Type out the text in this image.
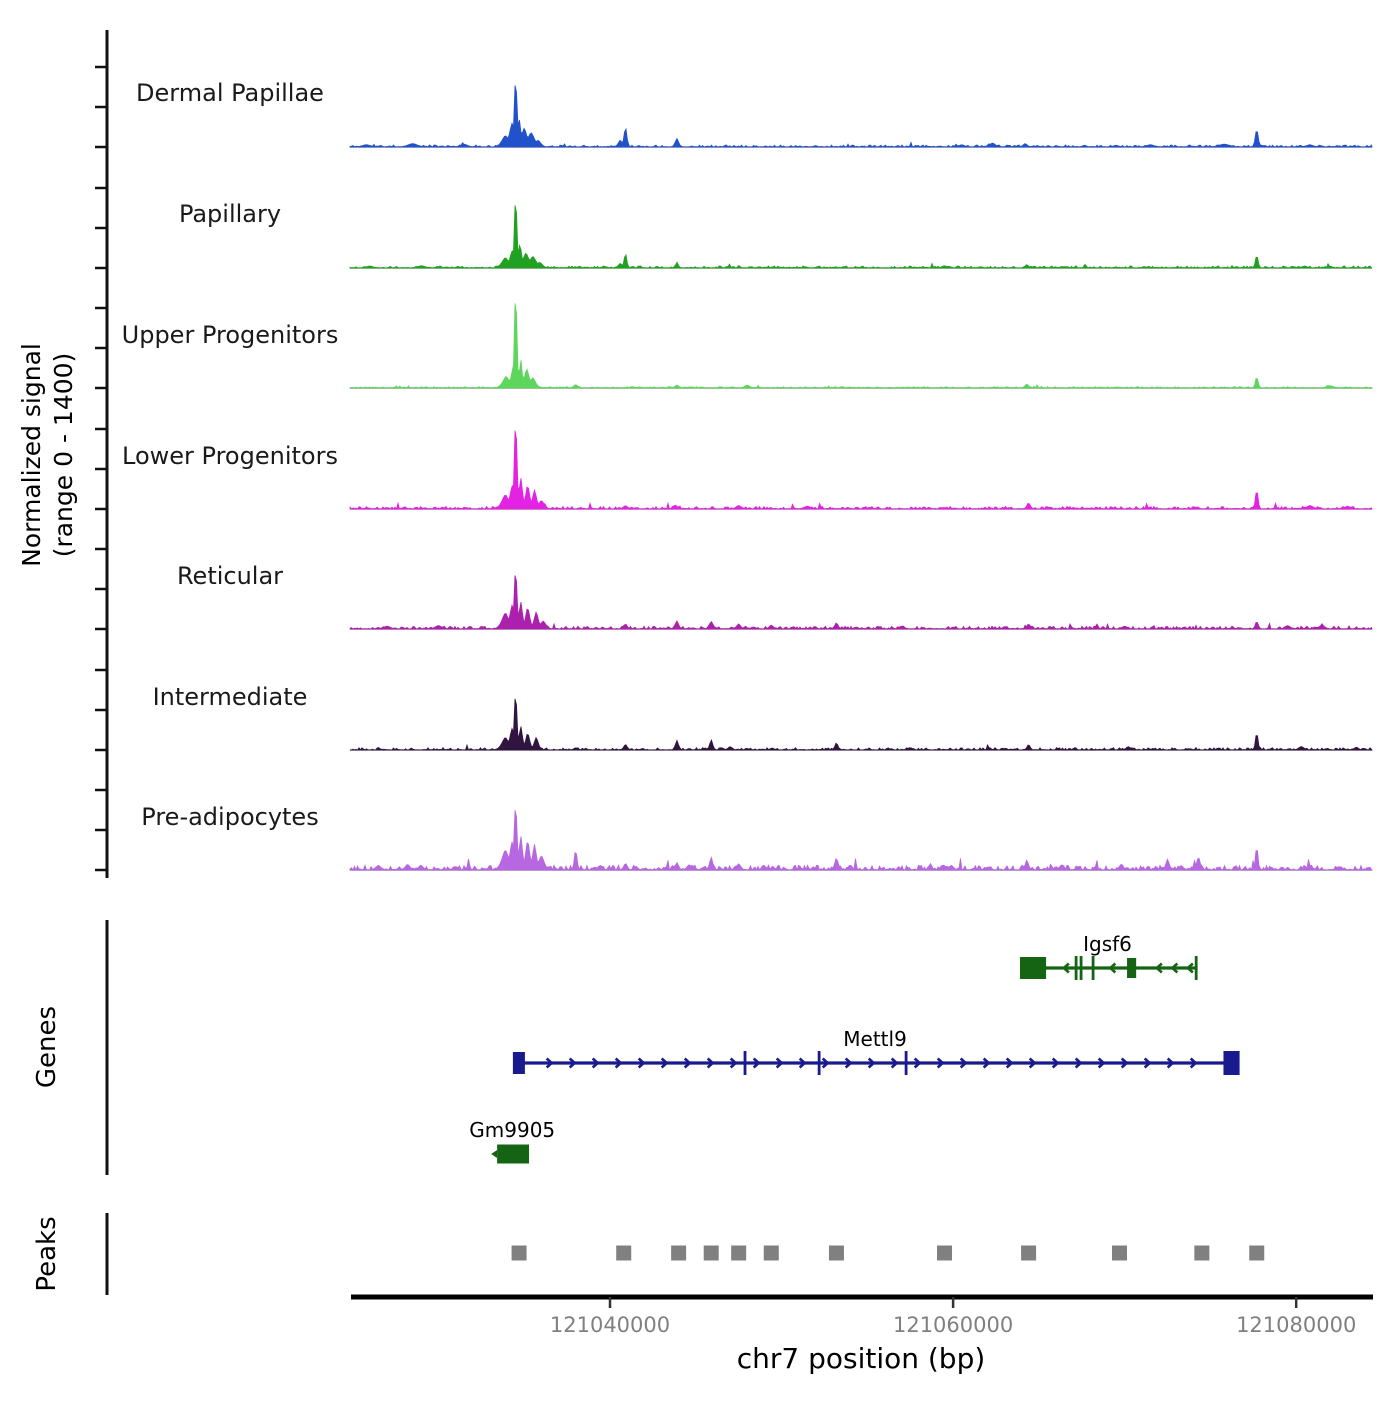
Normalized signal (range 0 - 1400)
Dermal Papillae
Papillary
Upper Progenitors
Lower Progenitors
Reticular
Intermediate
Pre-adipocytes
Genes
Igsf6
Mettl9
Gm9905
Peaks
121040000	121060000	121080000
chr7 position (bp)
